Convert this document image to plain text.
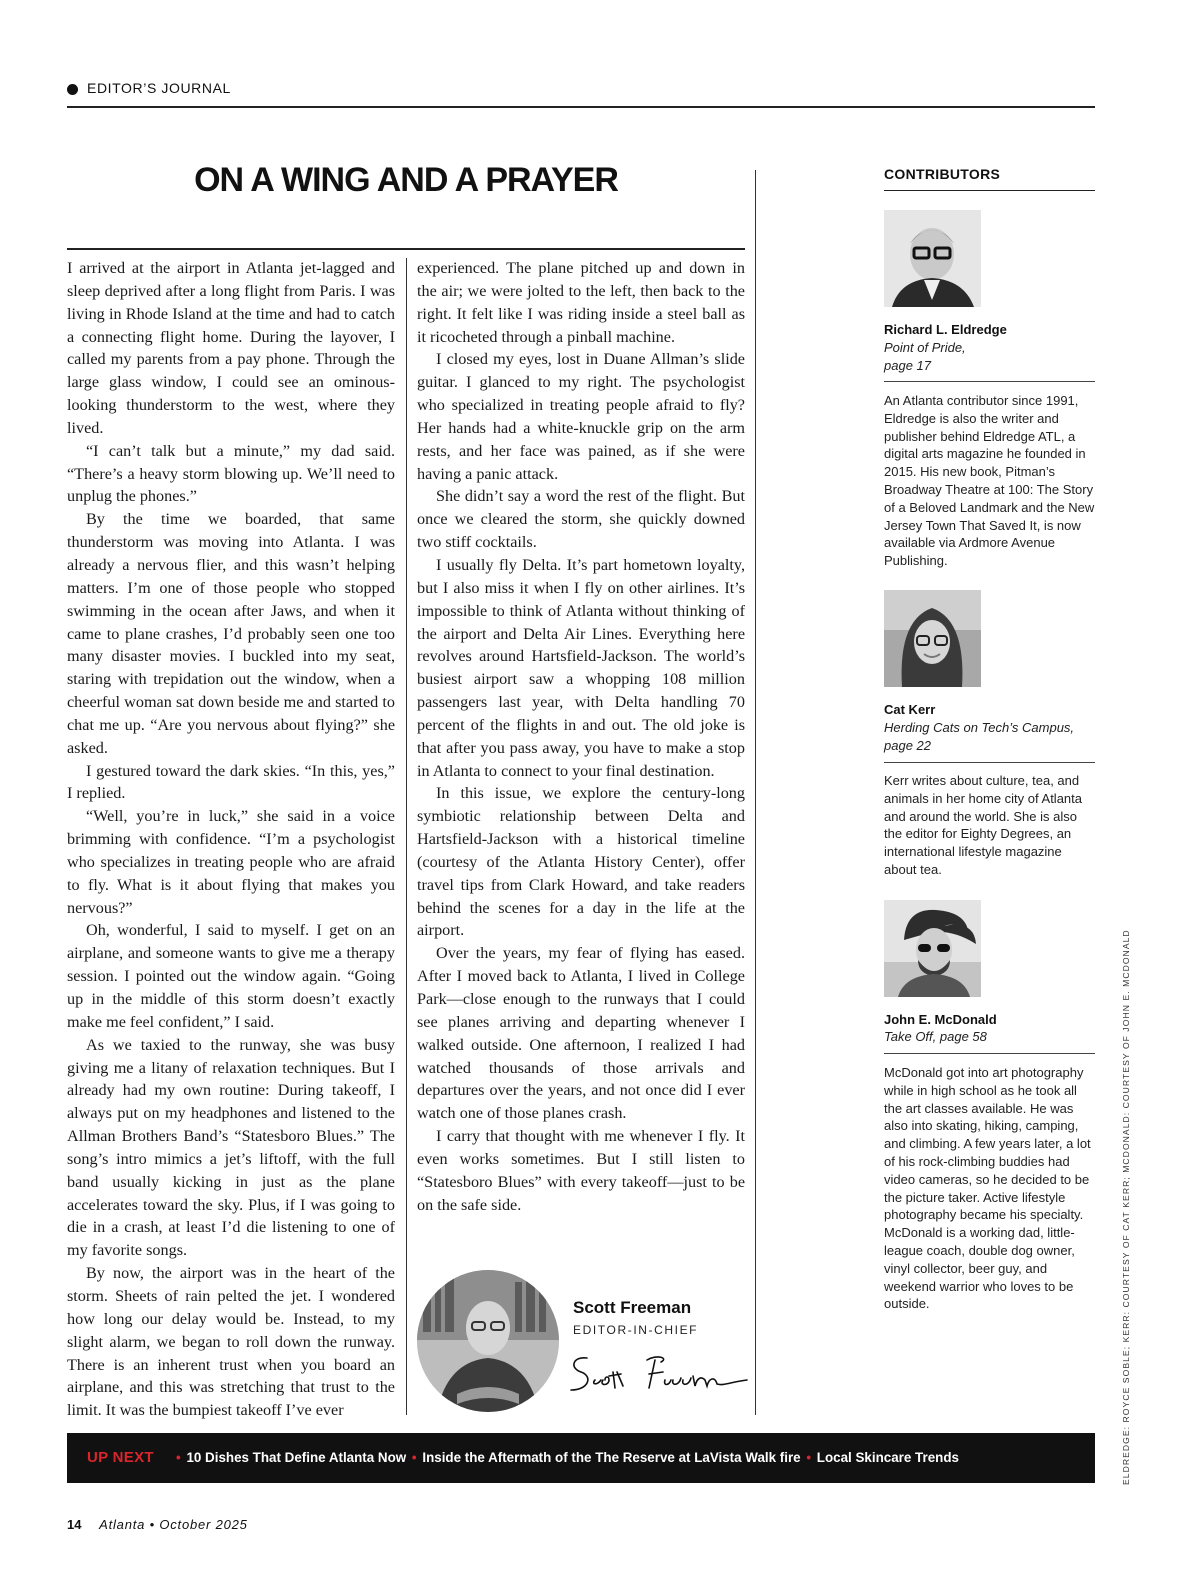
EDITOR’S JOURNAL
ON A WING AND A PRAYER

I arrived at the airport in Atlanta jet-lagged and sleep deprived after a long flight from Paris. I was living in Rhode Island at the time and had to catch a connecting flight home. During the layover, I called my parents from a pay phone. Through the large glass window, I could see an ominous-looking thunderstorm to the west, where they lived.

“I can’t talk but a minute,” my dad said. “There’s a heavy storm blowing up. We’ll need to unplug the phones.”

By the time we boarded, that same thunderstorm was moving into Atlanta. I was already a nervous flier, and this wasn’t helping matters. I’m one of those people who stopped swimming in the ocean after Jaws, and when it came to plane crashes, I’d probably seen one too many disaster movies. I buckled into my seat, staring with trepidation out the window, when a cheerful woman sat down beside me and started to chat me up. “Are you nervous about flying?” she asked.

I gestured toward the dark skies. “In this, yes,” I replied.

“Well, you’re in luck,” she said in a voice brimming with confidence. “I’m a psychologist who specializes in treating people who are afraid to fly. What is it about flying that makes you nervous?”

Oh, wonderful, I said to myself. I get on an airplane, and someone wants to give me a therapy session. I pointed out the window again. “Going up in the middle of this storm doesn’t exactly make me feel confident,” I said.

As we taxied to the runway, she was busy giving me a litany of relaxation techniques. But I already had my own routine: During takeoff, I always put on my headphones and listened to the Allman Brothers Band’s “Statesboro Blues.” The song’s intro mimics a jet’s liftoff, with the full band usually kicking in just as the plane accelerates toward the sky. Plus, if I was going to die in a crash, at least I’d die listening to one of my favorite songs.

By now, the airport was in the heart of the storm. Sheets of rain pelted the jet. I wondered how long our delay would be. Instead, to my slight alarm, we began to roll down the runway. There is an inherent trust when you board an airplane, and this was stretching that trust to the limit. It was the bumpiest takeoff I’ve ever

experienced. The plane pitched up and down in the air; we were jolted to the left, then back to the right. It felt like I was riding inside a steel ball as it ricocheted through a pinball machine.

I closed my eyes, lost in Duane Allman’s slide guitar. I glanced to my right. The psychologist who specialized in treating people afraid to fly? Her hands had a white-knuckle grip on the arm rests, and her face was pained, as if she were having a panic attack.

She didn’t say a word the rest of the flight. But once we cleared the storm, she quickly downed two stiff cocktails.

I usually fly Delta. It’s part hometown loyalty, but I also miss it when I fly on other airlines. It’s impossible to think of Atlanta without thinking of the airport and Delta Air Lines. Everything here revolves around Hartsfield-Jackson. The world’s busiest airport saw a whopping 108 million passengers last year, with Delta handling 70 percent of the flights in and out. The old joke is that after you pass away, you have to make a stop in Atlanta to connect to your final destination.

In this issue, we explore the century-long symbiotic relationship between Delta and Hartsfield-Jackson with a historical timeline (courtesy of the Atlanta History Center), offer travel tips from Clark Howard, and take readers behind the scenes for a day in the life at the airport.

Over the years, my fear of flying has eased. After I moved back to Atlanta, I lived in College Park—close enough to the runways that I could see planes arriving and departing whenever I walked outside. One afternoon, I realized I had watched thousands of those arrivals and departures over the years, and not once did I ever watch one of those planes crash.

I carry that thought with me whenever I fly. It even works sometimes. But I still listen to “Statesboro Blues” with every takeoff—just to be on the safe side.

Scott Freeman
EDITOR-IN-CHIEF
CONTRIBUTORS
Richard L. Eldredge
Point of Pride,
page 17
An Atlanta contributor since 1991, Eldredge is also the writer and publisher behind Eldredge ATL, a digital arts magazine he founded in 2015. His new book, Pitman’s Broadway Theatre at 100: The Story of a Beloved Landmark and the New Jersey Town That Saved It, is now available via Ardmore Avenue Publishing.
Cat Kerr
Herding Cats on Tech’s Campus,
page 22
Kerr writes about culture, tea, and animals in her home city of Atlanta and around the world. She is also the editor for Eighty Degrees, an international lifestyle magazine about tea.
John E. McDonald
Take Off, page 58
McDonald got into art photography while in high school as he took all the art classes available. He was also into skating, hiking, camping, and climbing. A few years later, a lot of his rock-climbing buddies had video cameras, so he decided to be the picture taker. Active lifestyle photography became his specialty. McDonald is a working dad, little-league coach, double dog owner, vinyl collector, beer guy, and weekend warrior who loves to be outside.	ELDREDGE: ROYCE SOBLE; KERR: COURTESY OF CAT KERR; MCDONALD: COURTESY OF JOHN E. MCDONALD
UP NEXT • 10 Dishes That Define Atlanta Now • Inside the Aftermath of the The Reserve at LaVista Walk fire • Local Skincare Trends
14 Atlanta • October 2025
